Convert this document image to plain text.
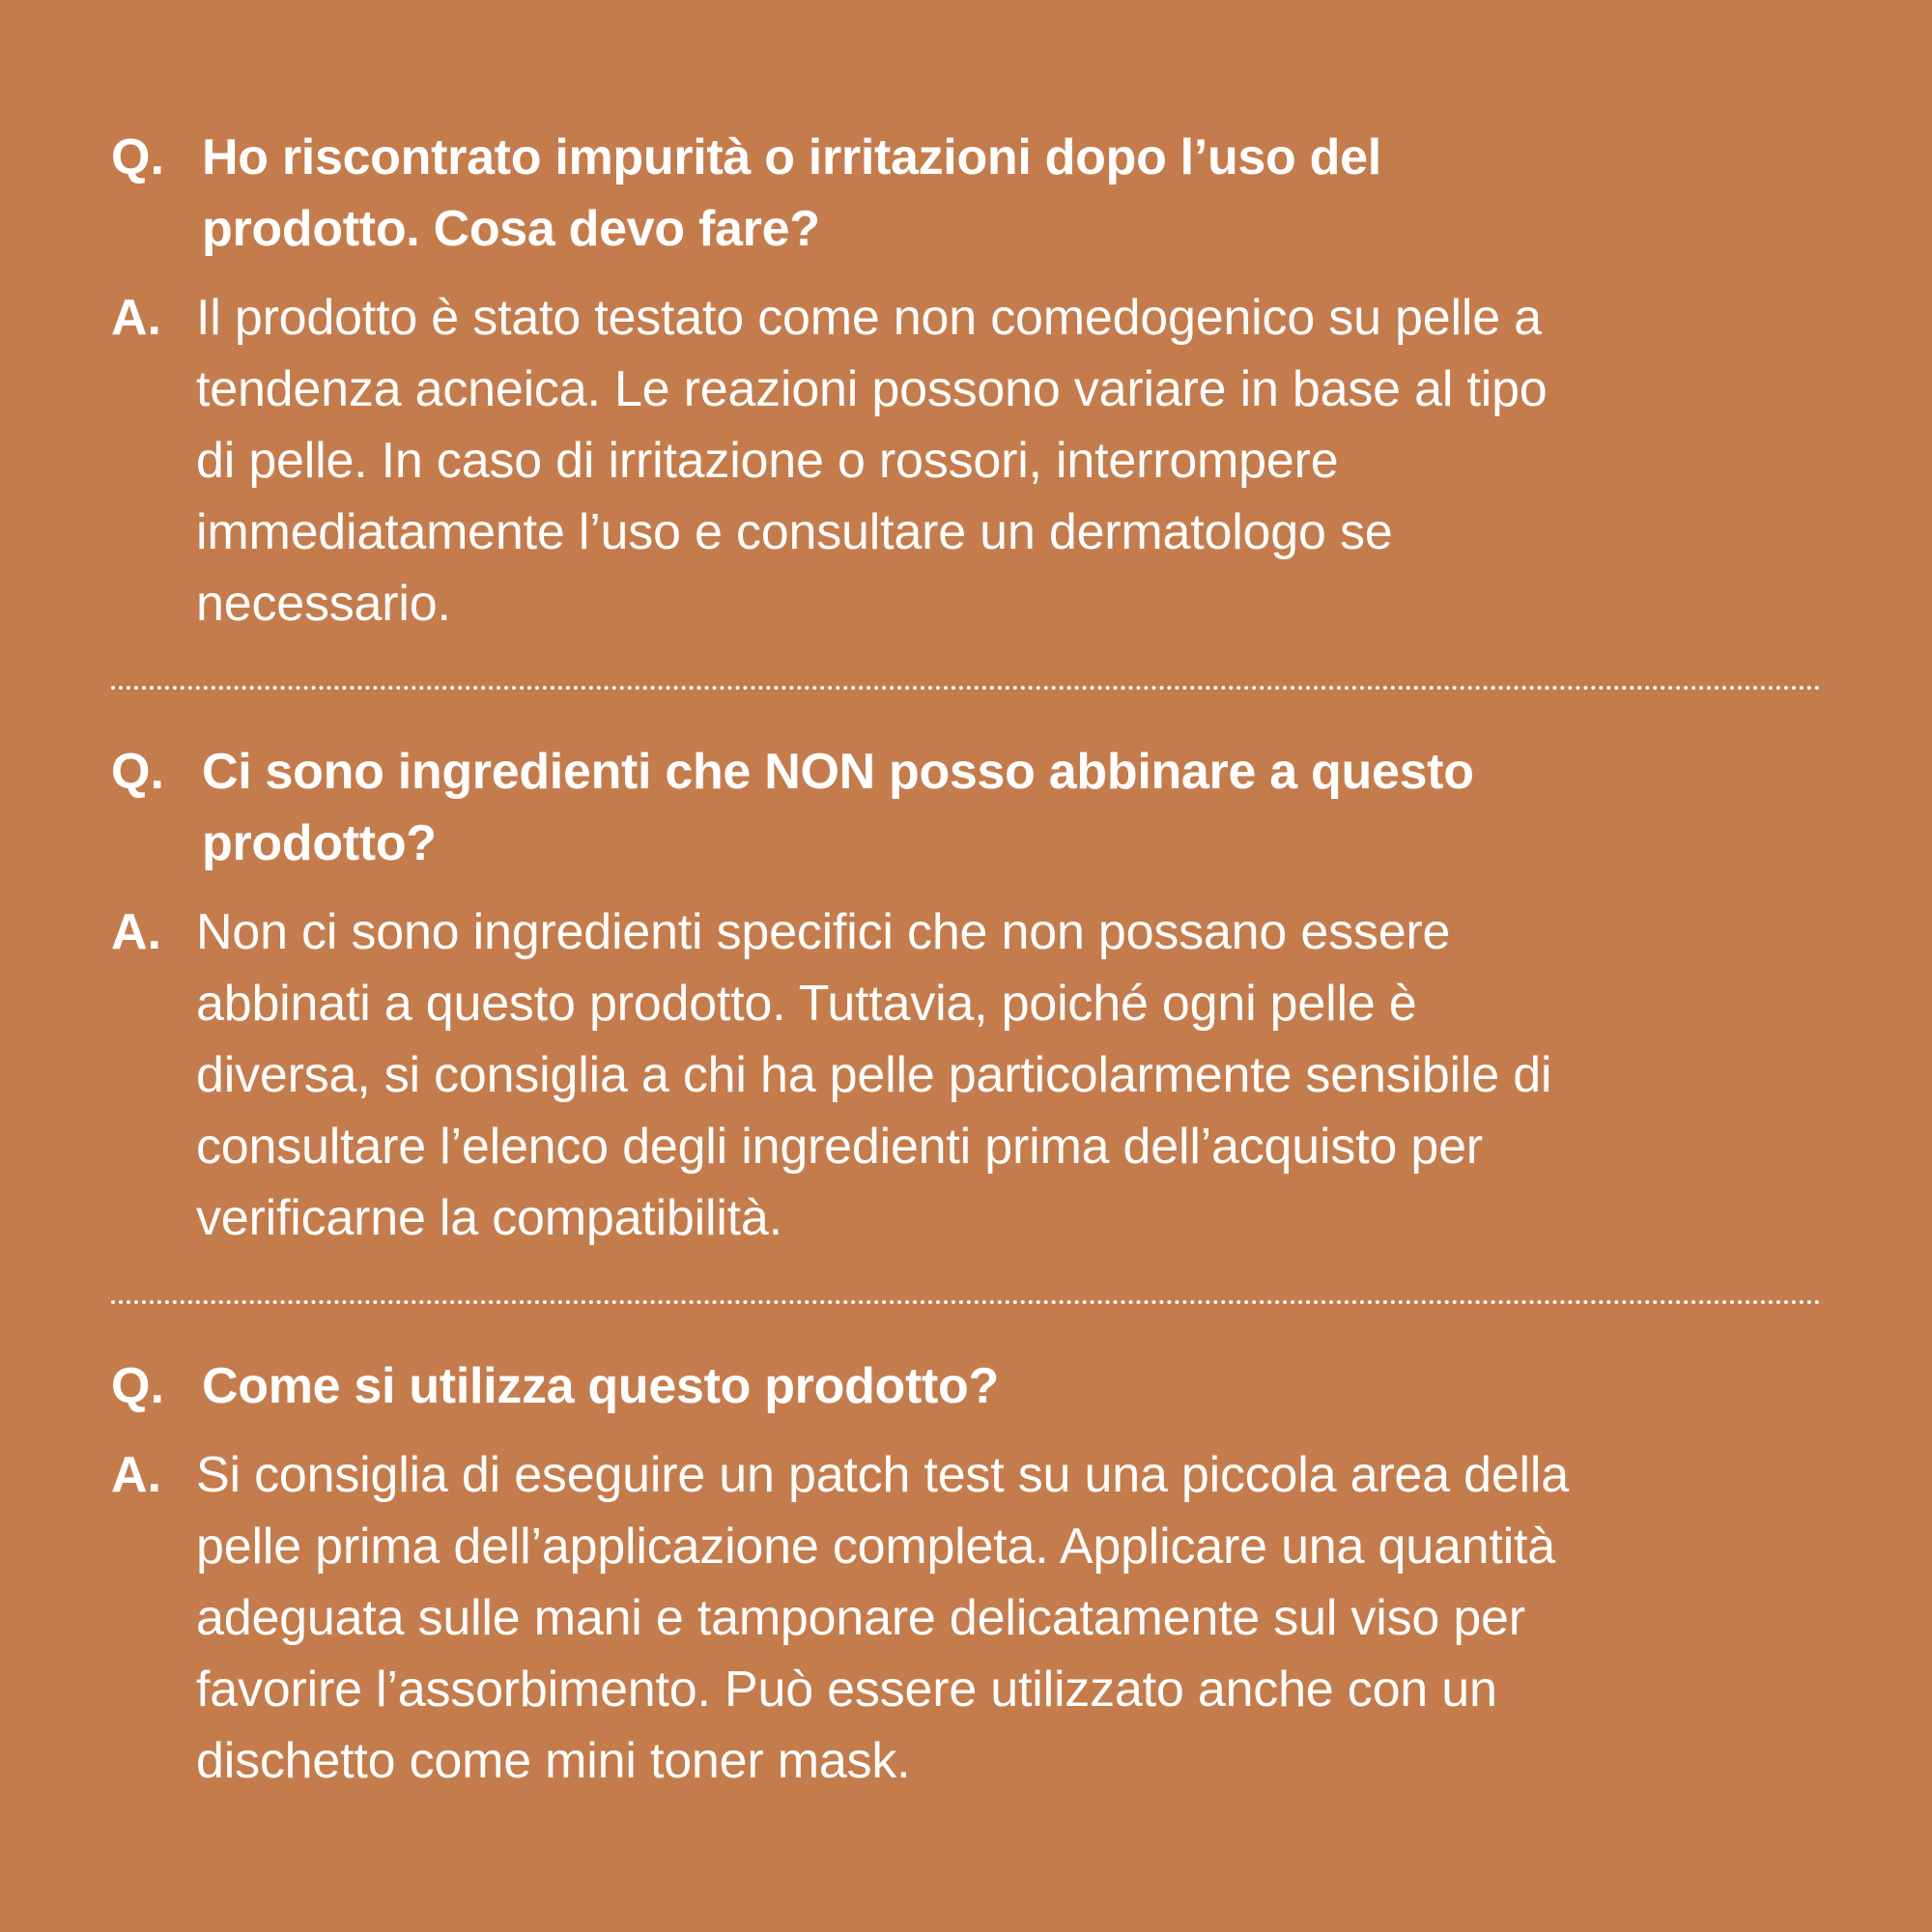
Q. Ho riscontrato impurità o irritazioni dopo l’uso del
prodotto. Cosa devo fare?
A. Il prodotto è stato testato come non comedogenico su pelle a
tendenza acneica. Le reazioni possono variare in base al tipo
di pelle. In caso di irritazione o rossori, interrompere
immediatamente l’uso e consultare un dermatologo se
necessario.
Q. Ci sono ingredienti che NON posso abbinare a questo
prodotto?
A. Non ci sono ingredienti specifici che non possano essere
abbinati a questo prodotto. Tuttavia, poiché ogni pelle è
diversa, si consiglia a chi ha pelle particolarmente sensibile di
consultare l’elenco degli ingredienti prima dell’acquisto per
verificarne la compatibilità.
Q. Come si utilizza questo prodotto?
A. Si consiglia di eseguire un patch test su una piccola area della
pelle prima dell’applicazione completa. Applicare una quantità
adeguata sulle mani e tamponare delicatamente sul viso per
favorire l’assorbimento. Può essere utilizzato anche con un
dischetto come mini toner mask.
